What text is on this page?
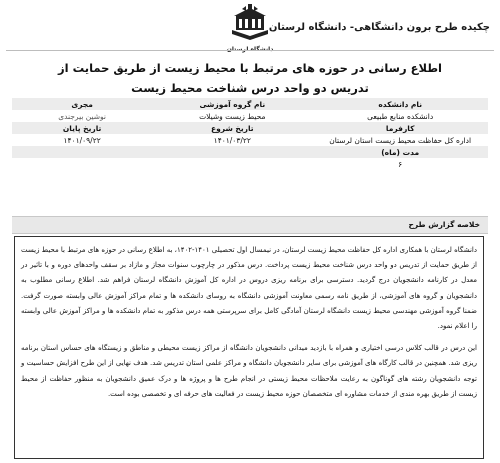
چکیده طرح برون دانشگاهی- دانشگاه لرستان
اطلاع رسانی در حوزه های مرتبط با محیط زیست از طریق حمایت از
تدریس دو واحد درس شناخت محیط زیست
نام دانشکده	نام گروه آموزشی	مجری
دانشکده منابع طبیعی	محیط زیست وشیلات	نوشین بیرجندی
کارفرما	تاریخ شروع	تاریخ پایان
اداره کل حفاظت محیط زیست استان لرستان	۱۴۰۱/۰۳/۲۲	۱۴۰۱/۰۹/۲۲
مدت (ماه)		
۶		
خلاصه گزارش طرح

دانشگاه لرستان با همکاری اداره کل حفاظت محیط زیست لرستان، در نیمسال اول تحصیلی ۱۴۰۱-۱۴۰۲، به اطلاع رسانی در حوزه های مرتبط با محیط زیست از طریق حمایت از تدریس دو واحد درس شناخت محیط زیست پرداخت. درس مذکور در چارچوب سنوات مجاز و مازاد بر سقف واحدهای دوره و با تاثیر در معدل در کارنامه دانشجویان درج گردید. دسترسی برای برنامه ریزی دروس در اداره کل آموزش دانشگاه لرستان فراهم شد. اطلاع رسانی مطلوب به دانشجویان و گروه های آموزشی، از طریق نامه رسمی معاونت آموزشی دانشگاه به روسای دانشکده ها و تمام مراکز آموزش عالی وابسته صورت گرفت. ضمنا گروه آموزشی مهندسی محیط زیست دانشگاه لرستان آمادگی کامل برای سرپرستی همه درس مذکور به تمام دانشکده ها و مراکز آموزش عالی وابسته را اعلام نمود.

این درس در قالب کلاس درسی اختیاری و همراه با بازدید میدانی دانشجویان دانشگاه از مراکز زیست محیطی و مناطق و زیستگاه های حساس استان برنامه ریزی شد. همچنین در قالب کارگاه های آموزشی برای سایر دانشجویان دانشگاه و مراکز علمی استان تدریس شد. هدف نهایی از این طرح افزایش حساسیت و توجه دانشجویان رشته های گوناگون به رعایت ملاحظات محیط زیستی در انجام طرح ها و پروژه ها و درک عمیق دانشجویان به منظور حفاظت از محیط زیست از طریق بهره مندی از خدمات مشاوره ای متخصصان حوزه محیط زیست در فعالیت های حرفه ای و تخصصی بوده است.
